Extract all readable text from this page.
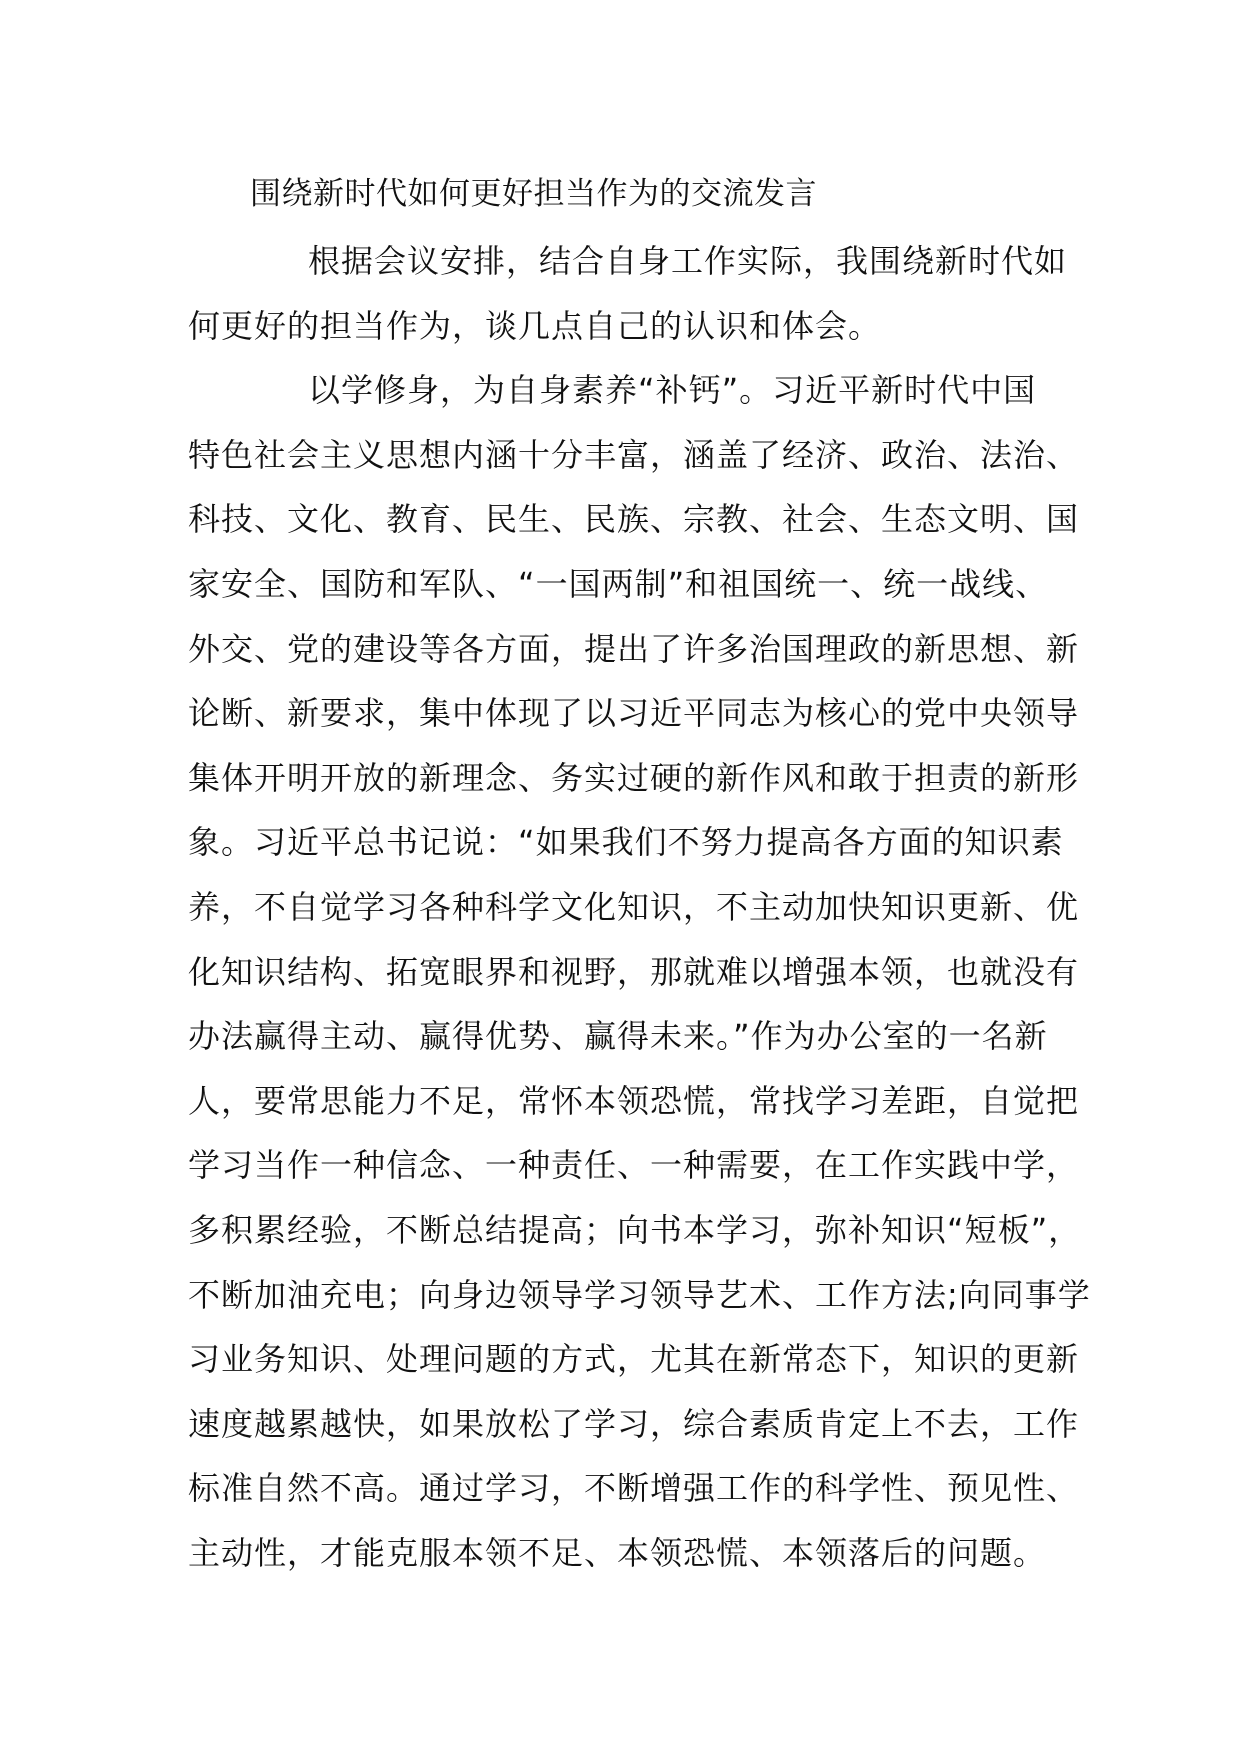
围绕新时代如何更好担当作为的交流发言
根据会议安排，结合自身工作实际，我围绕新时代如
何更好的担当作为，谈几点自己的认识和体会。
以学修身，为自身素养“补钙”。习近平新时代中国
特色社会主义思想内涵十分丰富，涵盖了经济、政治、法治、
科技、文化、教育、民生、民族、宗教、社会、生态文明、国
家安全、国防和军队、“一国两制”和祖国统一、统一战线、
外交、党的建设等各方面，提出了许多治国理政的新思想、新
论断、新要求，集中体现了以习近平同志为核心的党中央领导
集体开明开放的新理念、务实过硬的新作风和敢于担责的新形
象。习近平总书记说：“如果我们不努力提高各方面的知识素
养，不自觉学习各种科学文化知识，不主动加快知识更新、优
化知识结构、拓宽眼界和视野，那就难以增强本领，也就没有
办法赢得主动、赢得优势、赢得未来。”作为办公室的一名新
人，要常思能力不足，常怀本领恐慌，常找学习差距，自觉把
学习当作一种信念、一种责任、一种需要，在工作实践中学，
多积累经验，不断总结提高；向书本学习，弥补知识“短板”，
不断加油充电；向身边领导学习领导艺术、工作方法;向同事学
习业务知识、处理问题的方式，尤其在新常态下，知识的更新
速度越累越快，如果放松了学习，综合素质肯定上不去，工作
标准自然不高。通过学习，不断增强工作的科学性、预见性、
主动性，才能克服本领不足、本领恐慌、本领落后的问题。
